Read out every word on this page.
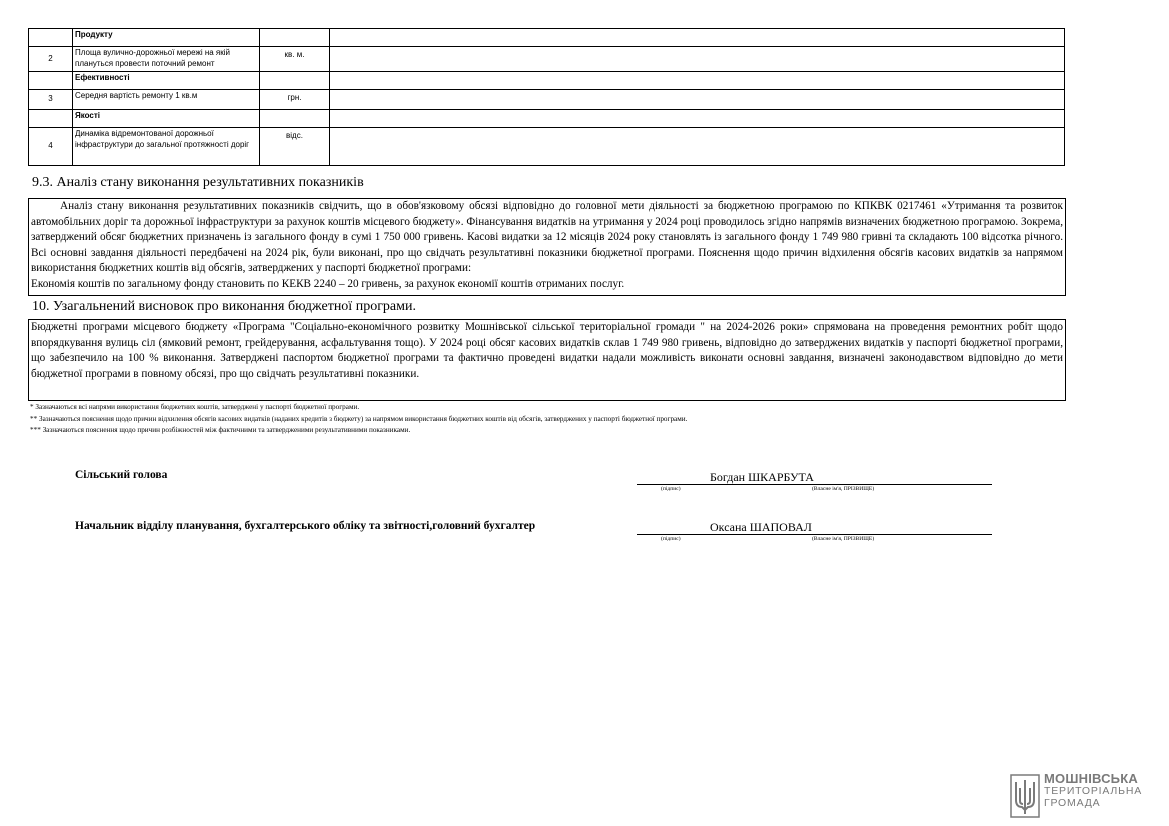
	Продукту		
2	Площа вулично-дорожньої мережі на якій плануться провести поточний ремонт	кв. м.	
	Ефективності		
3	Середня вартість ремонту 1 кв.м	грн.	
	Якості		
4	Динаміка відремонтованої дорожньої інфраструктури до загальної протяжності доріг	відс.	
9.3. Аналіз стану виконання результативних показників

Аналіз стану виконання результативних показників свідчить, що в обов'язковому обсязі відповідно до головної мети діяльності за бюджетною програмою по КПКВК 0217461 «Утримання та розвиток автомобільних доріг та дорожньої інфраструктури за рахунок коштів місцевого бюджету». Фінансування видатків на утримання у 2024 році проводилось згідно напрямів визначених бюджетною програмою. Зокрема, затверджений обсяг бюджетних призначень із загального фонду в сумі 1 750 000 гривень. Касові видатки за 12 місяців 2024 року становлять із загального фонду 1 749 980 гривні та складають 100 відсотка річного. Всі основні завдання діяльності передбачені на 2024 рік, були виконані, про що свідчать результативні показники бюджетної програми. Пояснення щодо причин відхилення обсягів касових видатків за напрямом використання бюджетних коштів від обсягів, затверджених у паспорті бюджетної програми:

Економія коштів по загальному фонду становить по КЕКВ 2240 – 20 гривень, за рахунок економії коштів отриманих послуг.

10. Узагальнений висновок про виконання бюджетної програми.

Бюджетні програми місцевого бюджету «Програма "Соціально-економічного розвитку Мошнівської сільської територіальної громади " на 2024-2026 роки» спрямована на проведення ремонтних робіт щодо впорядкування вулиць сіл (ямковий ремонт, грейдерування, асфальтування тощо). У 2024 році обсяг касових видатків склав 1 749 980 гривень, відповідно до затверджених видатків у паспорті бюджетної програми, що забезпечило на 100 % виконання. Затверджені паспортом бюджетної програми та фактично проведені видатки надали можливість виконати основні завдання, визначені законодавством відповідно до мети бюджетної програми в повному обсязі, про що свідчать результативні показники.

* Зазначаються всі напрями використання бюджетних коштів, затверджені у паспорті бюджетної програми.
** Зазначаються пояснення щодо причин відхилення обсягів касових видатків (наданих кредитів з бюджету) за напрямом використання бюджетних коштів від обсягів, затверджених у паспорті бюджетної програми.
*** Зазначаються пояснення щодо причин розбіжностей між фактичними та затвердженими результативними показниками.
Сільський голова	Богдан ШКАРБУТА
(підпис)	(Власне ім'я, ПРІЗВИЩЕ)
Начальник відділу планування, бухгалтерського обліку та звітності,головний бухгалтер	Оксана ШАПОВАЛ
(підпис)	(Власне ім'я, ПРІЗВИЩЕ)
МОШНІВСЬКА
ТЕРИТОРІАЛЬНА
ГРОМАДА
